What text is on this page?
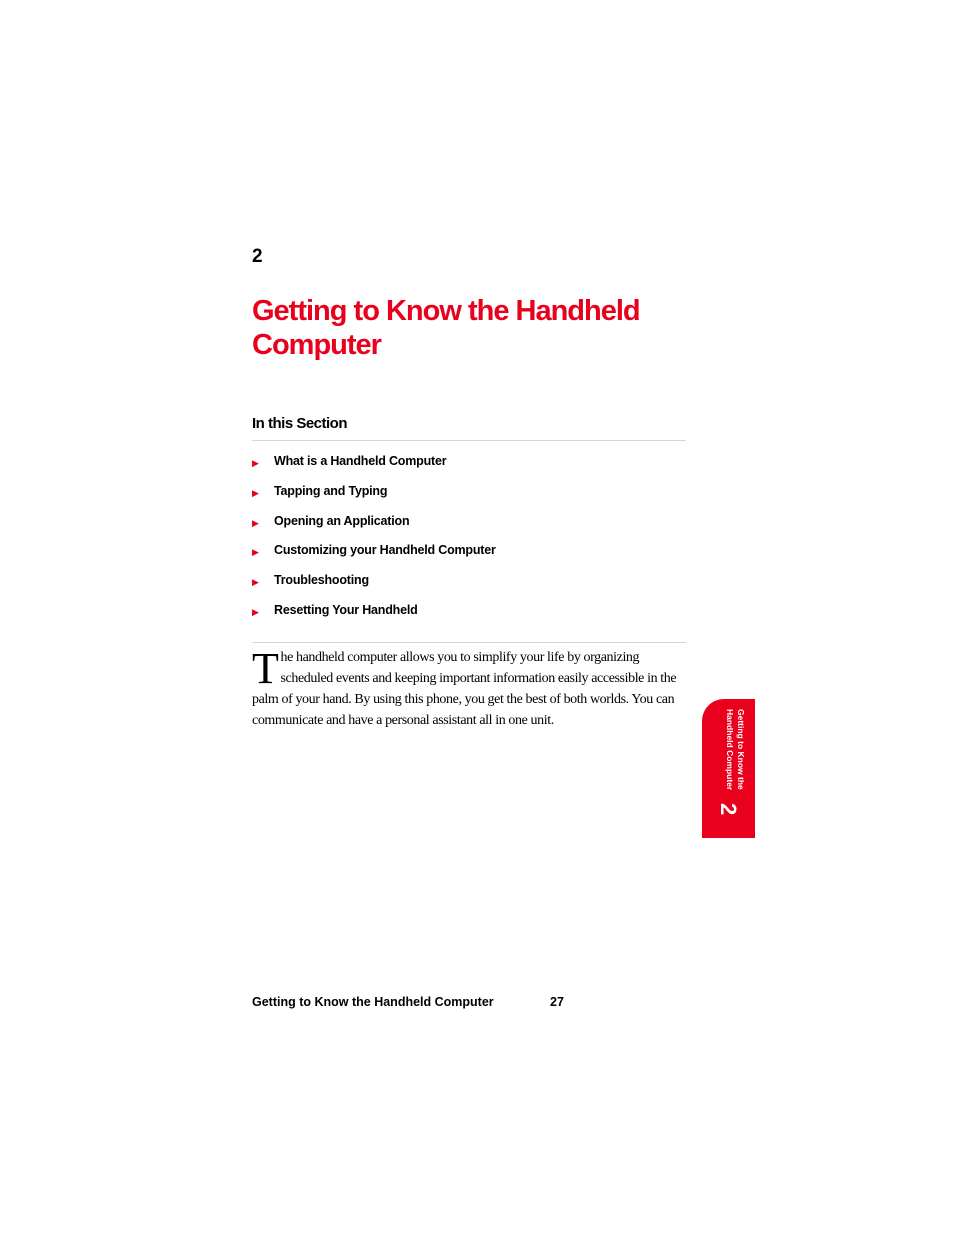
2
Getting to Know the Handheld
Computer
In this Section
▶	What is a Handheld Computer
▶	Tapping and Typing
▶	Opening an Application
▶	Customizing your Handheld Computer
▶	Troubleshooting
▶	Resetting Your Handheld

The handheld computer allows you to simplify your life by organizing scheduled events and keeping important information easily accessible in the palm of your hand. By using this phone, you get the best of both worlds. You can communicate and have a personal assistant all in one unit.	Getting to Know the
Handheld Computer
2
Getting to Know the Handheld Computer	27
